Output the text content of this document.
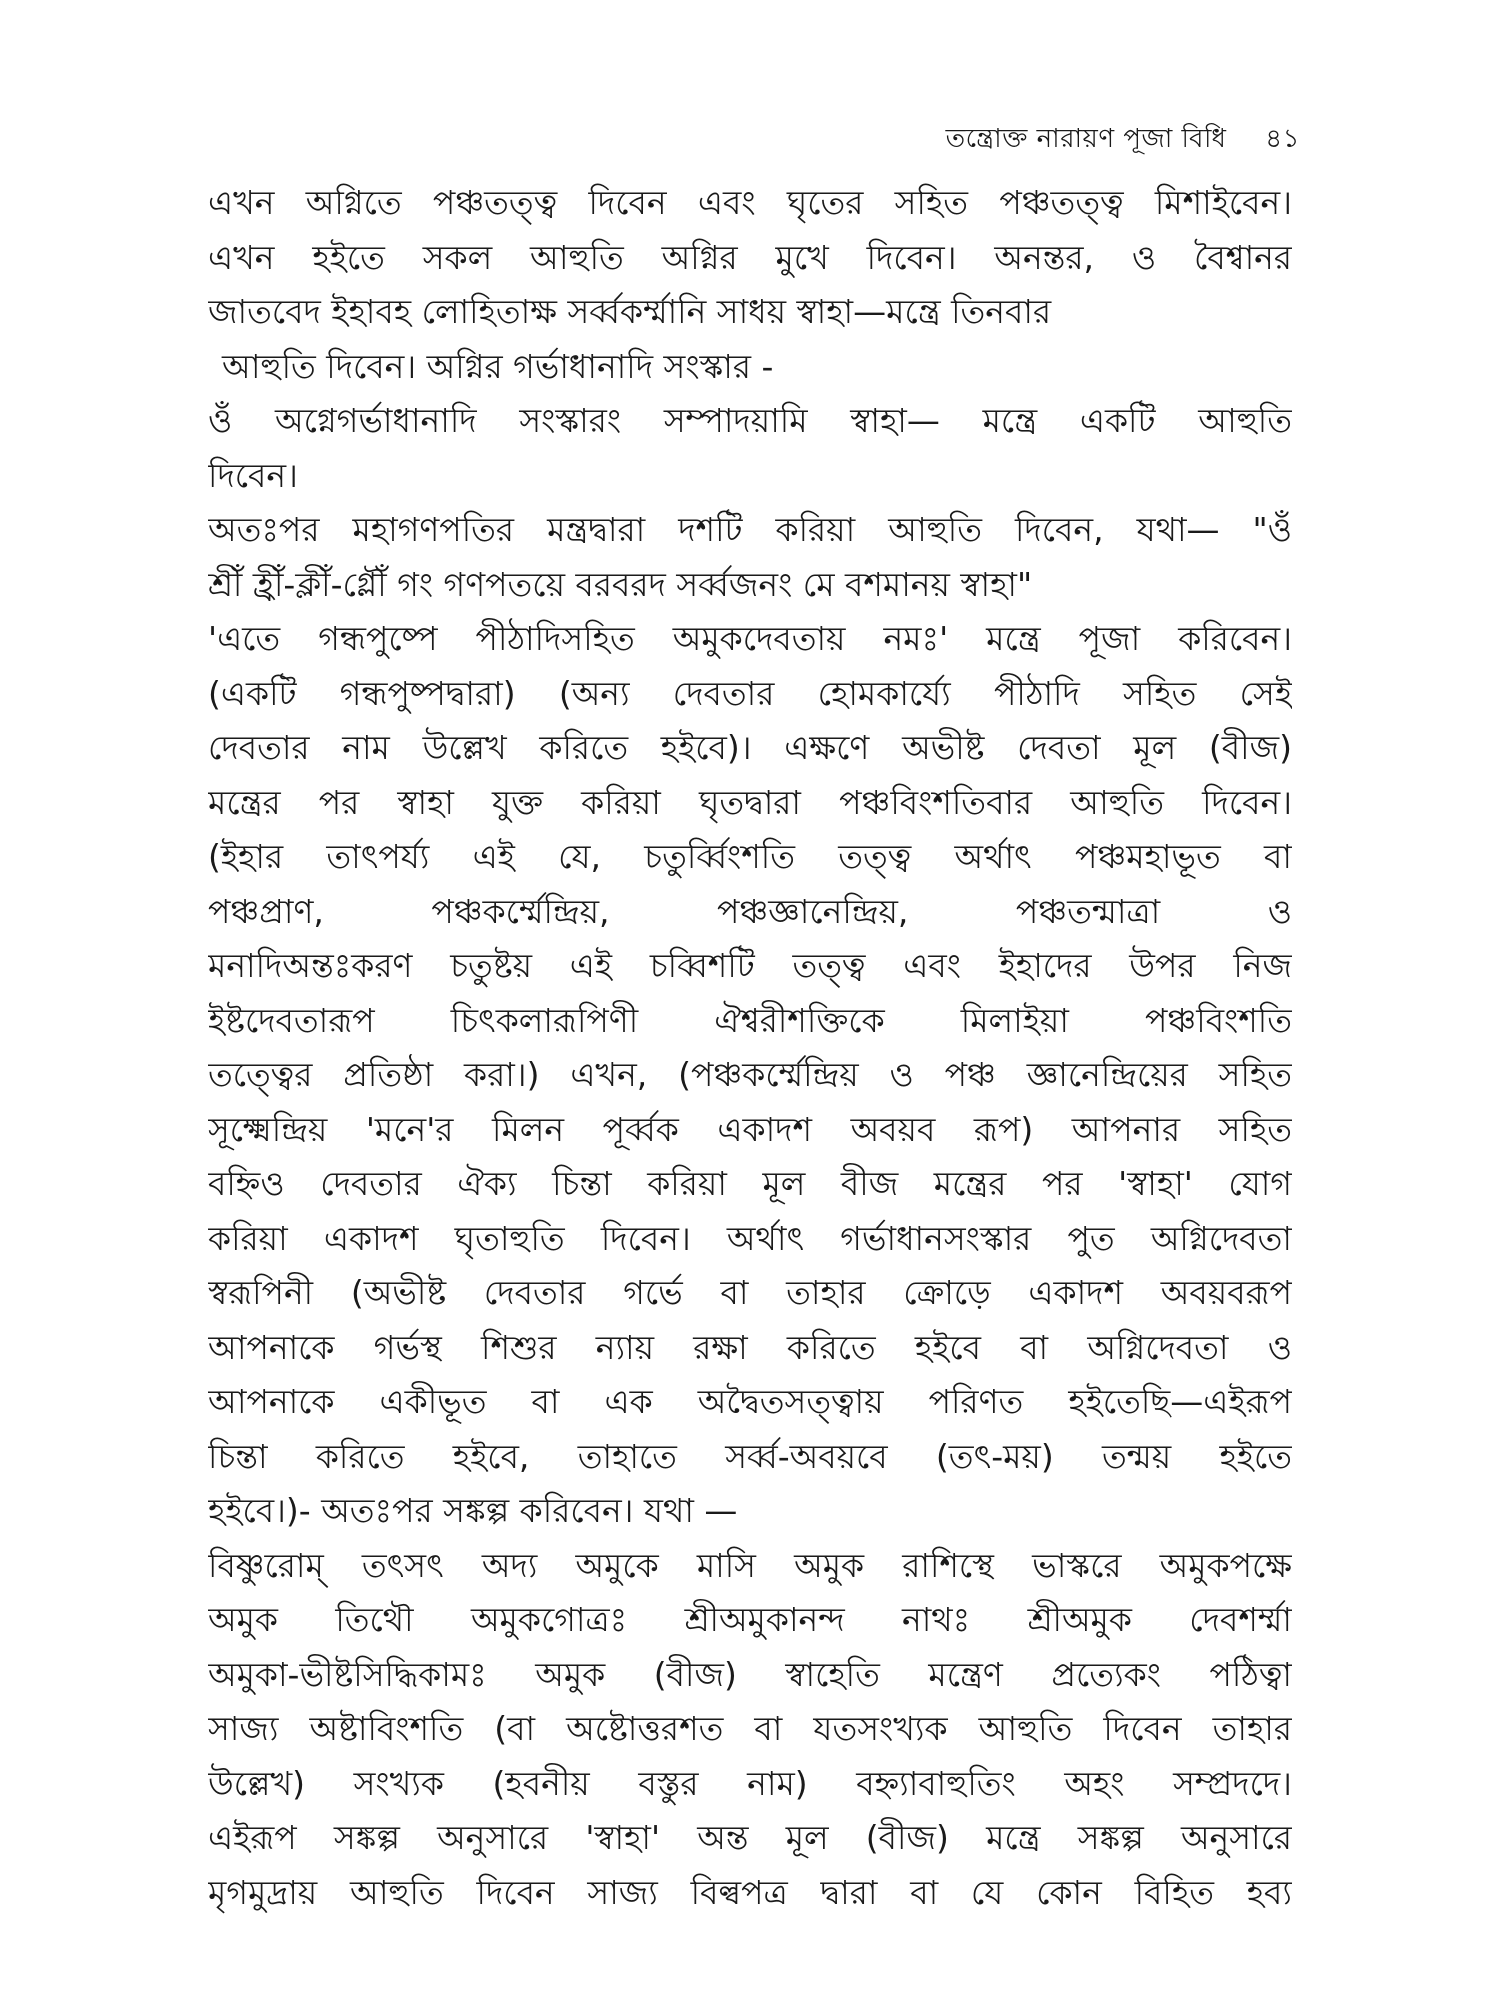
তন্ত্রোক্ত নারায়ণ পূজা বিধি ৪১
এখন অগ্নিতে পঞ্চতত্ত্ব দিবেন এবং ঘৃতের সহিত পঞ্চতত্ত্ব মিশাইবেন।
এখন হইতে সকল আহুতি অগ্নির মুখে দিবেন। অনন্তর, ও বৈশ্বানর
জাতবেদ ইহাবহ লোহিতাক্ষ সর্ব্বকর্ম্মানি সাধয় স্বাহা—মন্ত্রে তিনবার
আহুতি দিবেন। অগ্নির গর্ভাধানাদি সংস্কার -
ওঁ অগ্নেগর্ভাধানাদি সংস্কারং সম্পাদয়ামি স্বাহা— মন্ত্রে একটি আহুতি
দিবেন।
অতঃপর মহাগণপতির মন্ত্রদ্বারা দশটি করিয়া আহুতি দিবেন, যথা— "ওঁ
শ্রীঁ হ্রীঁ-ক্লীঁ-গ্লৌঁ গং গণপতয়ে বরবরদ সর্ব্বজনং মে বশমানয় স্বাহা"
'এতে গন্ধপুষ্পে পীঠাদিসহিত অমুকদেবতায় নমঃ' মন্ত্রে পূজা করিবেন।
(একটি গন্ধপুষ্পদ্বারা) (অন্য দেবতার হোমকার্য্যে পীঠাদি সহিত সেই
দেবতার নাম উল্লেখ করিতে হইবে)। এক্ষণে অভীষ্ট দেবতা মূল (বীজ)
মন্ত্রের পর স্বাহা যুক্ত করিয়া ঘৃতদ্বারা পঞ্চবিংশতিবার আহুতি দিবেন।
(ইহার তাৎপর্য্য এই যে, চতুর্ব্বিংশতি তত্ত্ব অর্থাৎ পঞ্চমহাভূত বা
পঞ্চপ্রাণ, পঞ্চকর্ম্মেন্দ্রিয়, পঞ্চজ্ঞানেন্দ্রিয়, পঞ্চতন্মাত্রা ও
মনাদিঅন্তঃকরণ চতুষ্টয় এই চব্বিশটি তত্ত্ব এবং ইহাদের উপর নিজ
ইষ্টদেবতারূপ চিৎকলারূপিণী ঐশ্বরীশক্তিকে মিলাইয়া পঞ্চবিংশতি
তত্ত্বের প্রতিষ্ঠা করা।) এখন, (পঞ্চকর্ম্মেন্দ্রিয় ও পঞ্চ জ্ঞানেন্দ্রিয়ের সহিত
সূক্ষ্মেন্দ্রিয় 'মনে'র মিলন পূর্ব্বক একাদশ অবয়ব রূপ) আপনার সহিত
বহ্নিও দেবতার ঐক্য চিন্তা করিয়া মূল বীজ মন্ত্রের পর 'স্বাহা' যোগ
করিয়া একাদশ ঘৃতাহুতি দিবেন। অর্থাৎ গর্ভাধানসংস্কার পুত অগ্নিদেবতা
স্বরূপিনী (অভীষ্ট দেবতার গর্ভে বা তাহার ক্রোড়ে একাদশ অবয়বরূপ
আপনাকে গর্ভস্থ শিশুর ন্যায় রক্ষা করিতে হইবে বা অগ্নিদেবতা ও
আপনাকে একীভূত বা এক অদ্বৈতসত্ত্বায় পরিণত হইতেছি—এইরূপ
চিন্তা করিতে হইবে, তাহাতে সর্ব্ব-অবয়বে (তৎ-ময়) তন্ময় হইতে
হইবে।)- অতঃপর সঙ্কল্প করিবেন। যথা —
বিষ্ণুরোম্ তৎসৎ অদ্য অমুকে মাসি অমুক রাশিস্থে ভাস্করে অমুকপক্ষে
অমুক তিথৌ অমুকগোত্রঃ শ্রীঅমুকানন্দ নাথঃ শ্রীঅমুক দেবশর্ম্মা
অমুকা-ভীষ্টসিদ্ধিকামঃ অমুক (বীজ) স্বাহেতি মন্ত্রেণ প্রত্যেকং পঠিত্বা
সাজ্য অষ্টাবিংশতি (বা অষ্টোত্তরশত বা যতসংখ্যক আহুতি দিবেন তাহার
উল্লেখ) সংখ্যক (হবনীয় বস্তুর নাম) বহ্ন্যাবাহুতিং অহং সম্প্রদদে।
এইরূপ সঙ্কল্প অনুসারে 'স্বাহা' অন্ত মূল (বীজ) মন্ত্রে সঙ্কল্প অনুসারে
মৃগমুদ্রায় আহুতি দিবেন সাজ্য বিল্বপত্র দ্বারা বা যে কোন বিহিত হব্য
